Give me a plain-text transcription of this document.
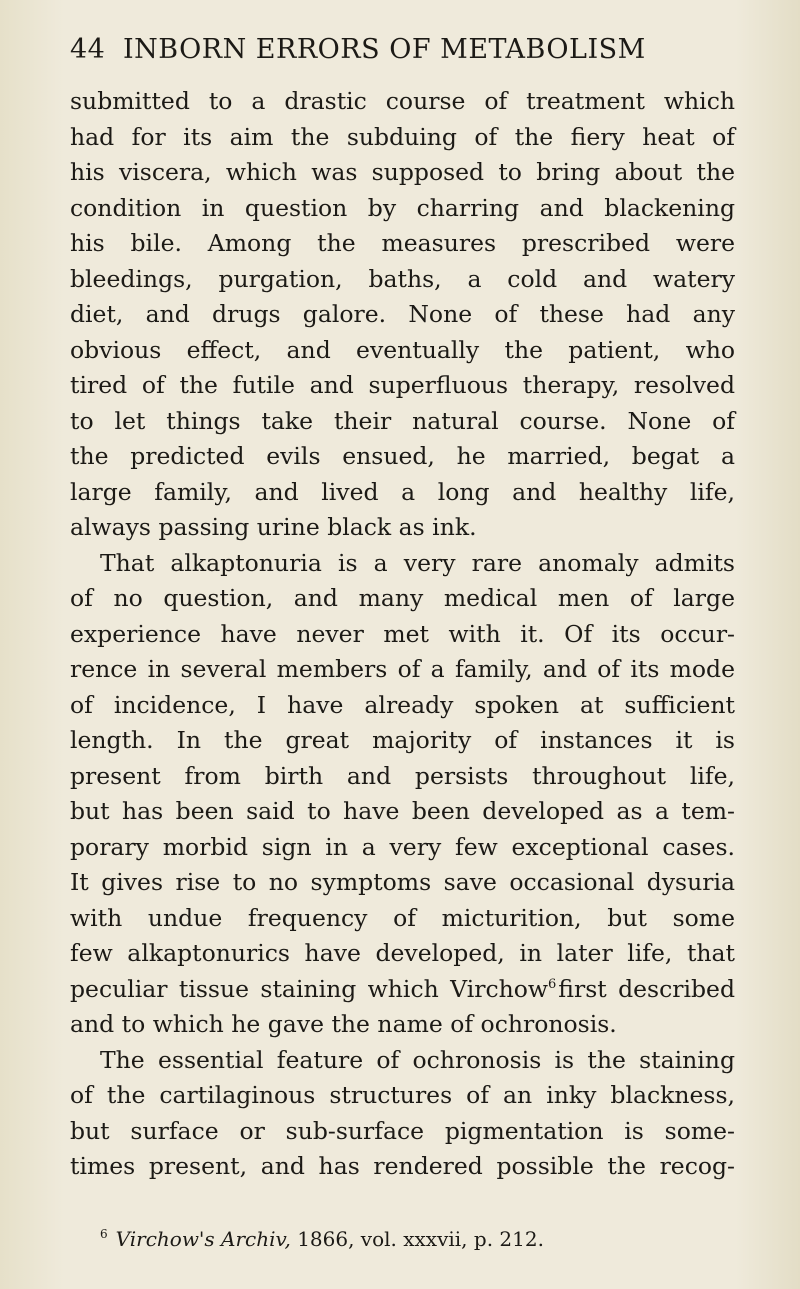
44 INBORN ERRORS OF METABOLISM
submitted to a drastic course of treatment which
had for its aim the subduing of the fiery heat of
his viscera, which was supposed to bring about the
condition in question by charring and blackening
his bile. Among the measures prescribed were
bleedings, purgation, baths, a cold and watery
diet, and drugs galore. None of these had any
obvious effect, and eventually the patient, who
tired of the futile and superfluous therapy, resolved
to let things take their natural course. None of
the predicted evils ensued, he married, begat a
large family, and lived a long and healthy life,
always passing urine black as ink.
That alkaptonuria is a very rare anomaly admits
of no question, and many medical men of large
experience have never met with it. Of its occur-
rence in several members of a family, and of its mode
of incidence, I have already spoken at sufficient
length. In the great majority of instances it is
present from birth and persists throughout life,
but has been said to have been developed as a tem-
porary morbid sign in a very few exceptional cases.
It gives rise to no symptoms save occasional dysuria
with undue frequency of micturition, but some
few alkaptonurics have developed, in later life, that
peculiar tissue staining which Virchow$^6$first described
and to which he gave the name of ochronosis.
The essential feature of ochronosis is the staining
of the cartilaginous structures of an inky blackness,
but surface or sub-surface pigmentation is some-
times present, and has rendered possible the recog-
$^6$ Virchow's Archiv, 1866, vol. xxxvii, p. 212.
